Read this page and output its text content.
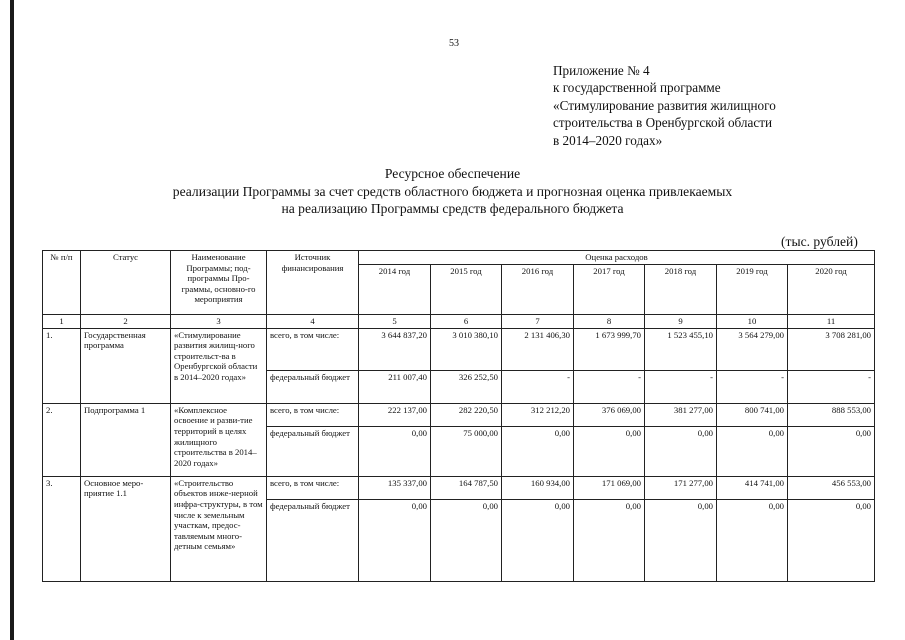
53
Приложение № 4
к государственной программе
«Стимулирование развития жилищного
строительства в Оренбургской области
в 2014–2020 годах»
Ресурсное обеспечение
реализации Программы за счет средств областного бюджета и прогнозная оценка привлекаемых
на реализацию Программы средств федерального бюджета
(тыс. рублей)
№ п/п	Статус	Наименование Программы; под-программы Про-граммы, основно-го мероприятия	Источник финансирования	Оценка расходов						
				2014 год	2015 год	2016 год	2017 год	2018 год	2019 год	2020 год
1	2	3	4	5	6	7	8	9	10	11
1.	Государственная программа	«Стимулирование развития жилищ-ного строительст-ва в Оренбургской области в 2014–2020 годах»	всего, в том числе:	3 644 837,20	3 010 380,10	2 131 406,30	1 673 999,70	1 523 455,10	3 564 279,00	3 708 281,00
			федеральный бюджет	211 007,40	326 252,50	-	-	-	-	-
2.	Подпрограмма 1	«Комплексное освоение и разви-тие территорий в целях жилищного строительства в 2014–2020 годах»	всего, в том числе:	222 137,00	282 220,50	312 212,20	376 069,00	381 277,00	800 741,00	888 553,00
			федеральный бюджет	0,00	75 000,00	0,00	0,00	0,00	0,00	0,00
3.	Основное меро-приятие 1.1	«Строительство объектов инже-нерной инфра-структуры, в том числе к земельным участкам, предос-тавляемым много-детным семьям»	всего, в том числе:	135 337,00	164 787,50	160 934,00	171 069,00	171 277,00	414 741,00	456 553,00
			федеральный бюджет	0,00	0,00	0,00	0,00	0,00	0,00	0,00
